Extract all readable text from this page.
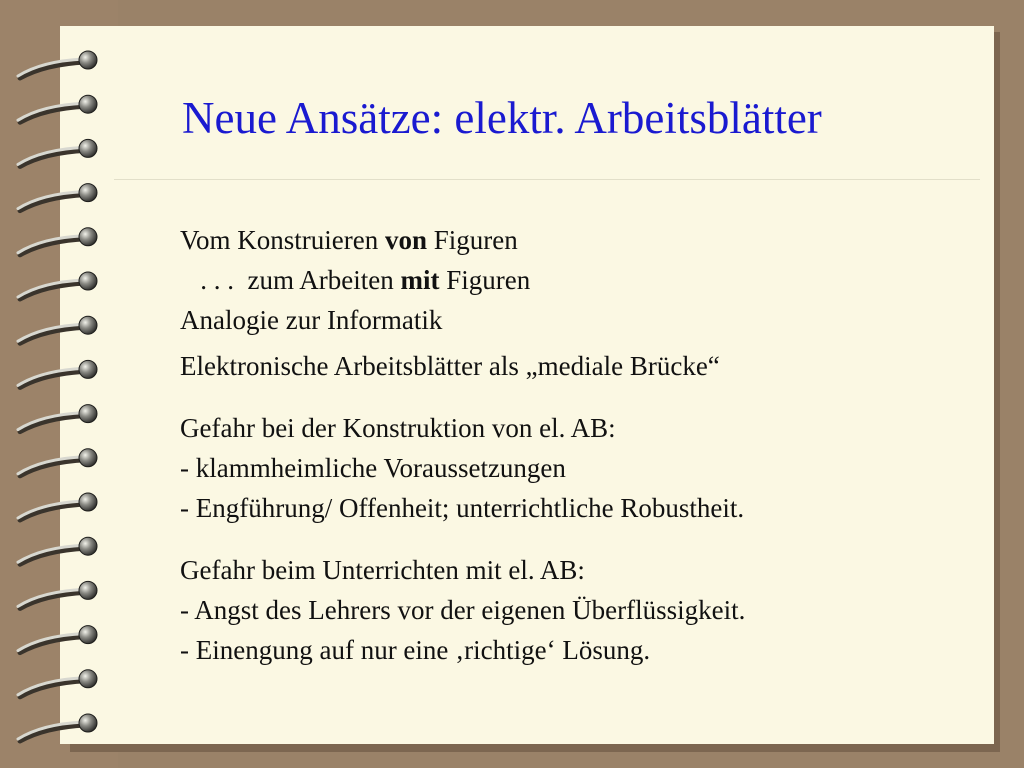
Neue Ansätze: elektr. Arbeitsblätter
Vom Konstruieren von Figuren
. . .  zum Arbeiten mit Figuren
Analogie zur Informatik
Elektronische Arbeitsblätter als „mediale Brücke“
Gefahr bei der Konstruktion von el. AB:
- klammheimliche Voraussetzungen
- Engführung/ Offenheit; unterrichtliche Robustheit.
Gefahr beim Unterrichten mit el. AB:
- Angst des Lehrers vor der eigenen Überflüssigkeit.
- Einengung auf nur eine ‚richtige‘ Lösung.
